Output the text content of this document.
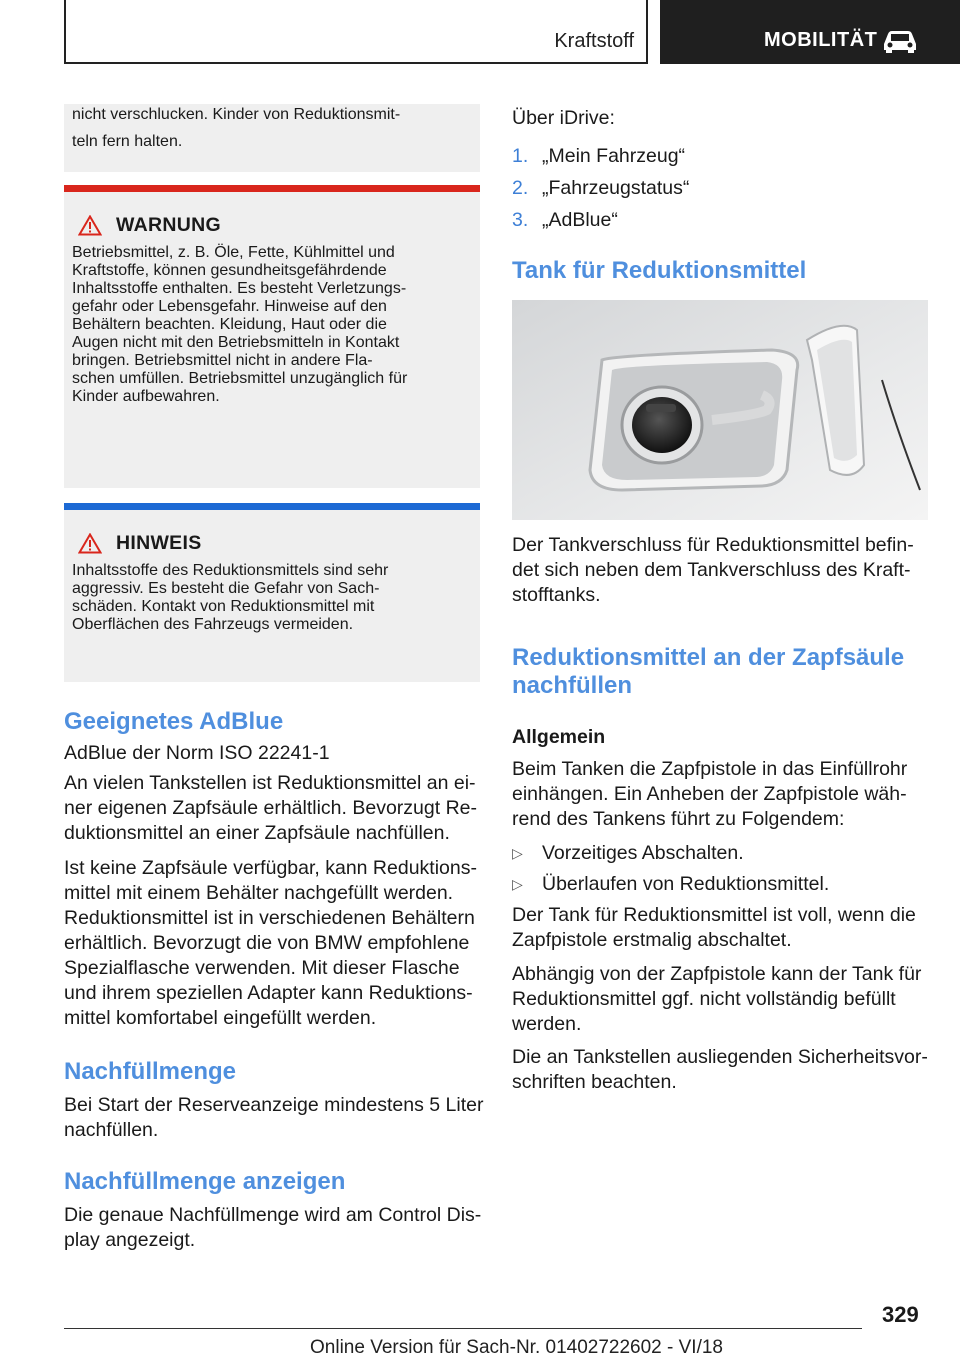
Kraftstoff	MOBILITÄT

nicht verschlucken. Kinder von Reduktionsmit-

teln fern halten.

WARNUNG
Betriebsmittel, z. B. Öle, Fette, Kühlmittel und
Kraftstoffe, können gesundheitsgefährdende
Inhaltsstoffe enthalten. Es besteht Verletzungs-
gefahr oder Lebensgefahr. Hinweise auf den
Behältern beachten. Kleidung, Haut oder die
Augen nicht mit den Betriebsmitteln in Kontakt
bringen. Betriebsmittel nicht in andere Fla-
schen umfüllen. Betriebsmittel unzugänglich für
Kinder aufbewahren.
HINWEIS
Inhaltsstoffe des Reduktionsmittels sind sehr
aggressiv. Es besteht die Gefahr von Sach-
schäden. Kontakt von Reduktionsmittel mit
Oberflächen des Fahrzeugs vermeiden.
Geeignetes AdBlue
AdBlue der Norm ISO 22241-1
An vielen Tankstellen ist Reduktionsmittel an ei-
ner eigenen Zapfsäule erhältlich. Bevorzugt Re-
duktionsmittel an einer Zapfsäule nachfüllen.
Ist keine Zapfsäule verfügbar, kann Reduktions-
mittel mit einem Behälter nachgefüllt werden.
Reduktionsmittel ist in verschiedenen Behältern
erhältlich. Bevorzugt die von BMW empfohlene
Spezialflasche verwenden. Mit dieser Flasche
und ihrem speziellen Adapter kann Reduktions-
mittel komfortabel eingefüllt werden.
Nachfüllmenge
Bei Start der Reserveanzeige mindestens 5 Liter
nachfüllen.
Nachfüllmenge anzeigen
Die genaue Nachfüllmenge wird am Control Dis-
play angezeigt.
Über iDrive:
1. „Mein Fahrzeug“
2. „Fahrzeugstatus“
3. „AdBlue“
Tank für Reduktionsmittel
Der Tankverschluss für Reduktionsmittel befin-
det sich neben dem Tankverschluss des Kraft-
stofftanks.
Reduktionsmittel an der Zapfsäule
nachfüllen
Allgemein
Beim Tanken die Zapfpistole in das Einfüllrohr
einhängen. Ein Anheben der Zapfpistole wäh-
rend des Tankens führt zu Folgendem:
▷ Vorzeitiges Abschalten.
▷ Überlaufen von Reduktionsmittel.
Der Tank für Reduktionsmittel ist voll, wenn die
Zapfpistole erstmalig abschaltet.
Abhängig von der Zapfpistole kann der Tank für
Reduktionsmittel ggf. nicht vollständig befüllt
werden.
Die an Tankstellen ausliegenden Sicherheitsvor-
schriften beachten.
329
Online Version für Sach-Nr. 01402722602 - VI/18
